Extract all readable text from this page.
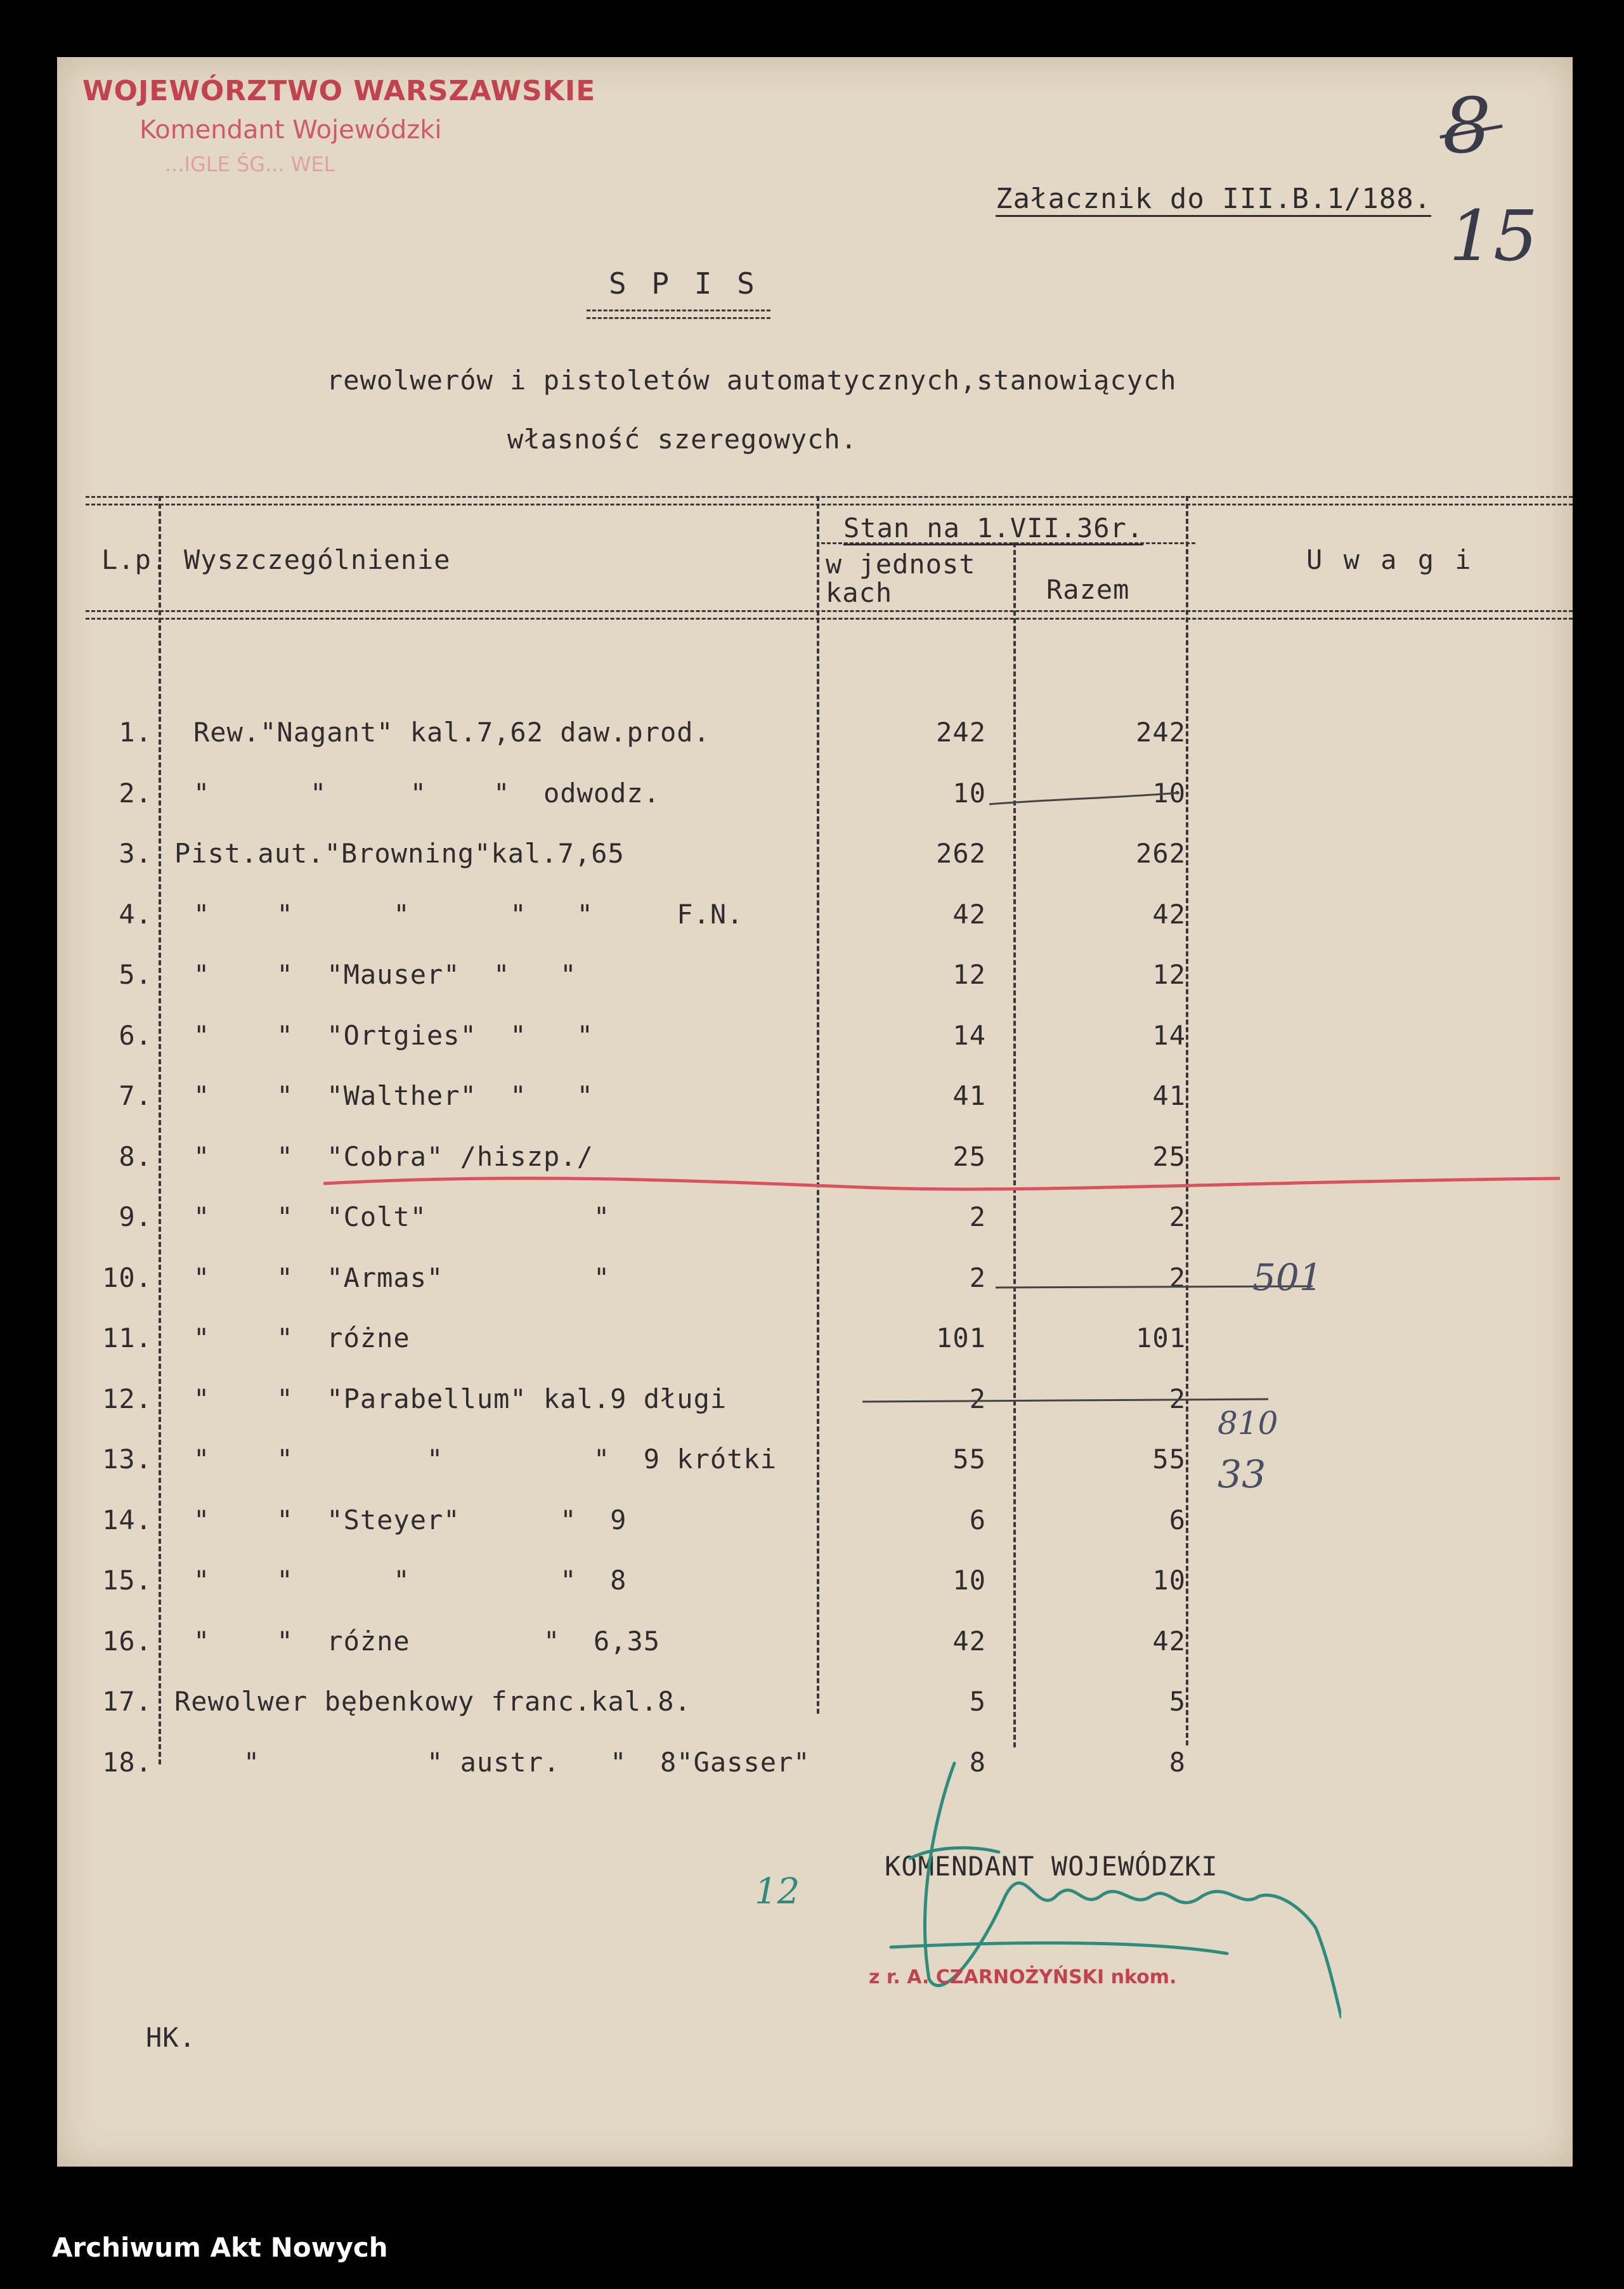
WOJEWÓRZTWO WARSZAWSKIE
Komendant Wojewódzki
...IGLE ŚG... WEL	8
15
Załacznik do III.B.1/188.
S P I S
rewolwerów i pistoletów automatycznych,stanowiących
własność szeregowych.
L.p. Wyszczególnienie
Stan na 1.VII.36r.
w jednost
kach	Razem
U w a g i
1. Rew."Nagant" kal.7,62 daw.prod.	242	242
2. "      "     "    "  odwodz.	10	10
3. Pist.aut."Browning"kal.7,65	262	262
4. "    "      "      "   "     F.N.	42	42
5. "    "  "Mauser"  "   "	12	12
6. "    "  "Ortgies"  "   "	14	14
7. "    "  "Walther"  "   "	41	41
8. "    "  "Cobra" /hiszp./	25	25
9. "    "  "Colt"          "	2	2
10. "    "  "Armas"         "	2	2
11. "    "  różne	101	101
12. "    "  "Parabellum" kal.9 długi	2	2
13. "    "        "         "  9 krótki	55	55
14. "    "  "Steyer"      "  9	6	6
15. "    "      "         "  8	10	10
16. "    "  różne        "  6,35	42	42
17. Rewolwer bębenkowy franc.kal.8.	5	5
18. "          " austr.   "  8"Gasser"	8	8
501
810
33
12
KOMENDANT WOJEWÓDZKI
z r. A. CZARNOŻYŃSKI nkom.
HK.
Archiwum Akt Nowych
